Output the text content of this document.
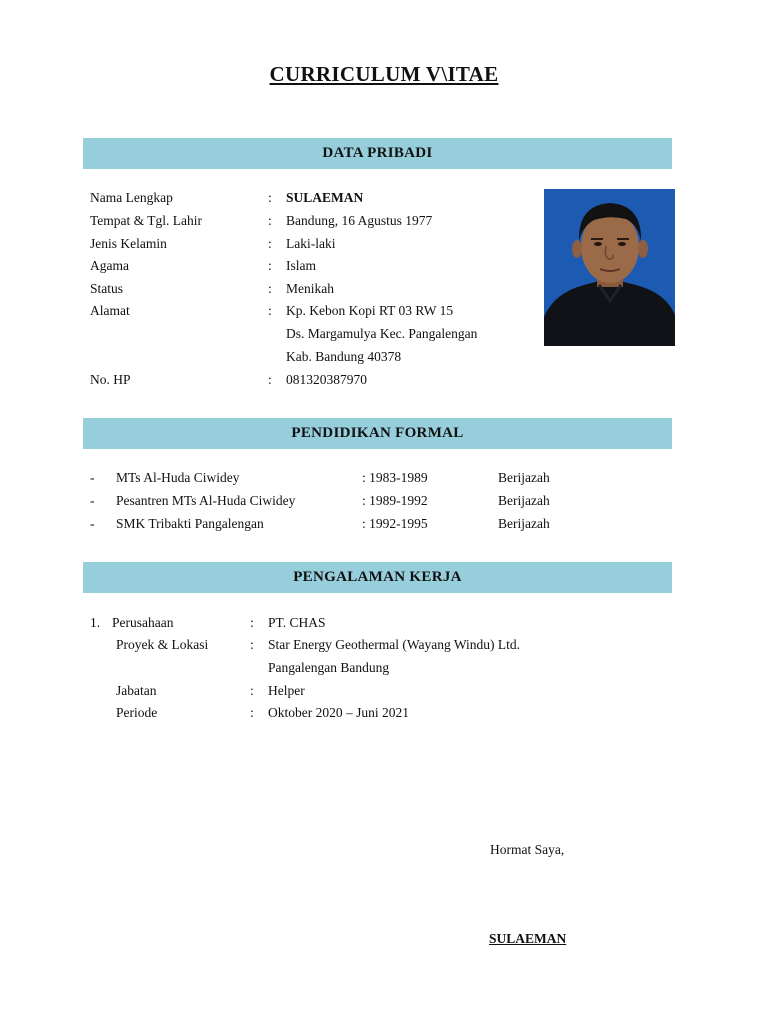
CURRICULUM V\ITAE
DATA PRIBADI
Nama Lengkap	: SULAEMAN
Tempat & Tgl. Lahir	: Bandung, 16 Agustus 1977
Jenis Kelamin	: Laki-laki
Agama	: Islam
Status	: Menikah
Alamat	: Kp. Kebon Kopi RT 03 RW 15
Ds. Margamulya Kec. Pangalengan
Kab. Bandung 40378
No. HP	: 081320387970
PENDIDIKAN FORMAL
- MTs Al-Huda Ciwidey	: 1983-1989	Berijazah
- Pesantren MTs Al-Huda Ciwidey	: 1989-1992	Berijazah
- SMK Tribakti Pangalengan	: 1992-1995	Berijazah
PENGALAMAN KERJA
1. Perusahaan	: PT. CHAS
Proyek & Lokasi	: Star Energy Geothermal (Wayang Windu) Ltd.
Pangalengan Bandung
Jabatan	: Helper
Periode	: Oktober 2020 – Juni 2021
Hormat Saya,
SULAEMAN
